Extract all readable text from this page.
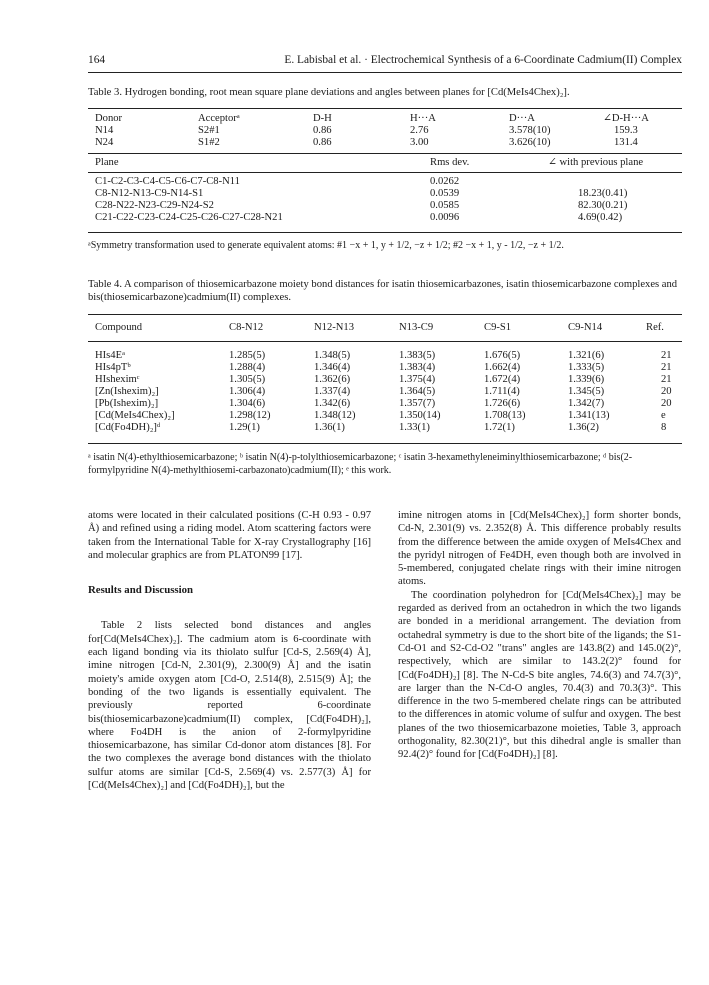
164	E. Labisbal et al. · Electrochemical Synthesis of a 6-Coordinate Cadmium(II) Complex
Table 3. Hydrogen bonding, root mean square plane deviations and angles between planes for [Cd(MeIs4Chex)₂].
Donor	Acceptorᵃ	D-H	H···A	D···A	∠D-H···A
N14	S2#1	0.86	2.76	3.578(10)	159.3
N24	S1#2	0.86	3.00	3.626(10)	131.4
Plane	Rms dev.	∠ with previous plane
C1-C2-C3-C4-C5-C6-C7-C8-N11	0.0262
C8-N12-N13-C9-N14-S1	0.0539	18.23(0.41)
C28-N22-N23-C29-N24-S2	0.0585	82.30(0.21)
C21-C22-C23-C24-C25-C26-C27-C28-N21	0.0096	4.69(0.42)
ᵃSymmetry transformation used to generate equivalent atoms: #1 −x + 1, y + 1/2, −z + 1/2; #2 −x + 1, y - 1/2, −z + 1/2.
Table 4. A comparison of thiosemicarbazone moiety bond distances for isatin thiosemicarbazones, isatin thiosemicarbazone complexes and bis(thiosemicarbazone)cadmium(II) complexes.
Compound	C8-N12	N12-N13	N13-C9	C9-S1	C9-N14	Ref.
HIs4Eᵃ	1.285(5)	1.348(5)	1.383(5)	1.676(5)	1.321(6)	21
HIs4pTᵇ	1.288(4)	1.346(4)	1.383(4)	1.662(4)	1.333(5)	21
HIsheximᶜ	1.305(5)	1.362(6)	1.375(4)	1.672(4)	1.339(6)	21
[Zn(Ishexim)₂]	1.306(4)	1.337(4)	1.364(5)	1.711(4)	1.345(5)	20
[Pb(Ishexim)₂]	1.304(6)	1.342(6)	1.357(7)	1.726(6)	1.342(7)	20
[Cd(MeIs4Chex)₂]	1.298(12)	1.348(12)	1.350(14)	1.708(13)	1.341(13)	e
[Cd(Fo4DH)₂]ᵈ	1.29(1)	1.36(1)	1.33(1)	1.72(1)	1.36(2)	8
ᵃ isatin N(4)-ethylthiosemicarbazone; ᵇ isatin N(4)-p-tolylthiosemicarbazone; ᶜ isatin 3-hexamethyleneiminylthiosemicarbazone; ᵈ bis(2-formylpyridine N(4)-methylthiosemi-carbazonato)cadmium(II); ᵉ this work.

atoms were located in their calculated positions (C-H 0.93 - 0.97 Å) and refined using a riding model. Atom scattering factors were taken from the International Table for X-ray Crystallography [16] and molecular graphics are from PLATON99 [17].

Results and Discussion

Table 2 lists selected bond distances and angles for[Cd(MeIs4Chex)₂]. The cadmium atom is 6-coordinate with each ligand bonding via its thiolato sulfur [Cd-S, 2.569(4) Å], imine nitrogen [Cd-N, 2.301(9), 2.300(9) Å] and the isatin moiety's amide oxygen atom [Cd-O, 2.514(8), 2.515(9) Å]; the bonding of the two ligands is essentially equivalent. The previously reported 6-coordinate bis(thiosemicarbazone)cadmium(II) complex, [Cd(Fo4DH)₂], where Fo4DH is the anion of 2-formylpyridine thiosemicarbazone, has similar Cd-donor atom distances [8]. For the two complexes the average bond distances with the thiolato sulfur atoms are similar [Cd-S, 2.569(4) vs. 2.577(3) Å] for [Cd(MeIs4Chex)₂] and [Cd(Fo4DH)₂], but the

imine nitrogen atoms in [Cd(MeIs4Chex)₂] form shorter bonds, Cd-N, 2.301(9) vs. 2.352(8) Å. This difference probably results from the difference between the amide oxygen of MeIs4Chex and the pyridyl nitrogen of Fe4DH, even though both are involved in 5-membered, conjugated chelate rings with their imine nitrogen atoms.

The coordination polyhedron for [Cd(MeIs4Chex)₂] may be regarded as derived from an octahedron in which the two ligands are bonded in a meridional arrangement. The deviation from octahedral symmetry is due to the short bite of the ligands; the S1-Cd-O1 and S2-Cd-O2 "trans" angles are 143.8(2) and 145.0(2)°, respectively, which are similar to 143.2(2)° found for [Cd(Fo4DH)₂] [8]. The N-Cd-S bite angles, 74.6(3) and 74.7(3)°, are larger than the N-Cd-O angles, 70.4(3) and 70.3(3)°. This difference in the two 5-membered chelate rings can be attributed to the differences in atomic volume of sulfur and oxygen. The best planes of the two thiosemicarbazone moieties, Table 3, approach orthogonality, 82.30(21)°, but this dihedral angle is smaller than 92.4(2)° found for [Cd(Fo4DH)₂] [8].
